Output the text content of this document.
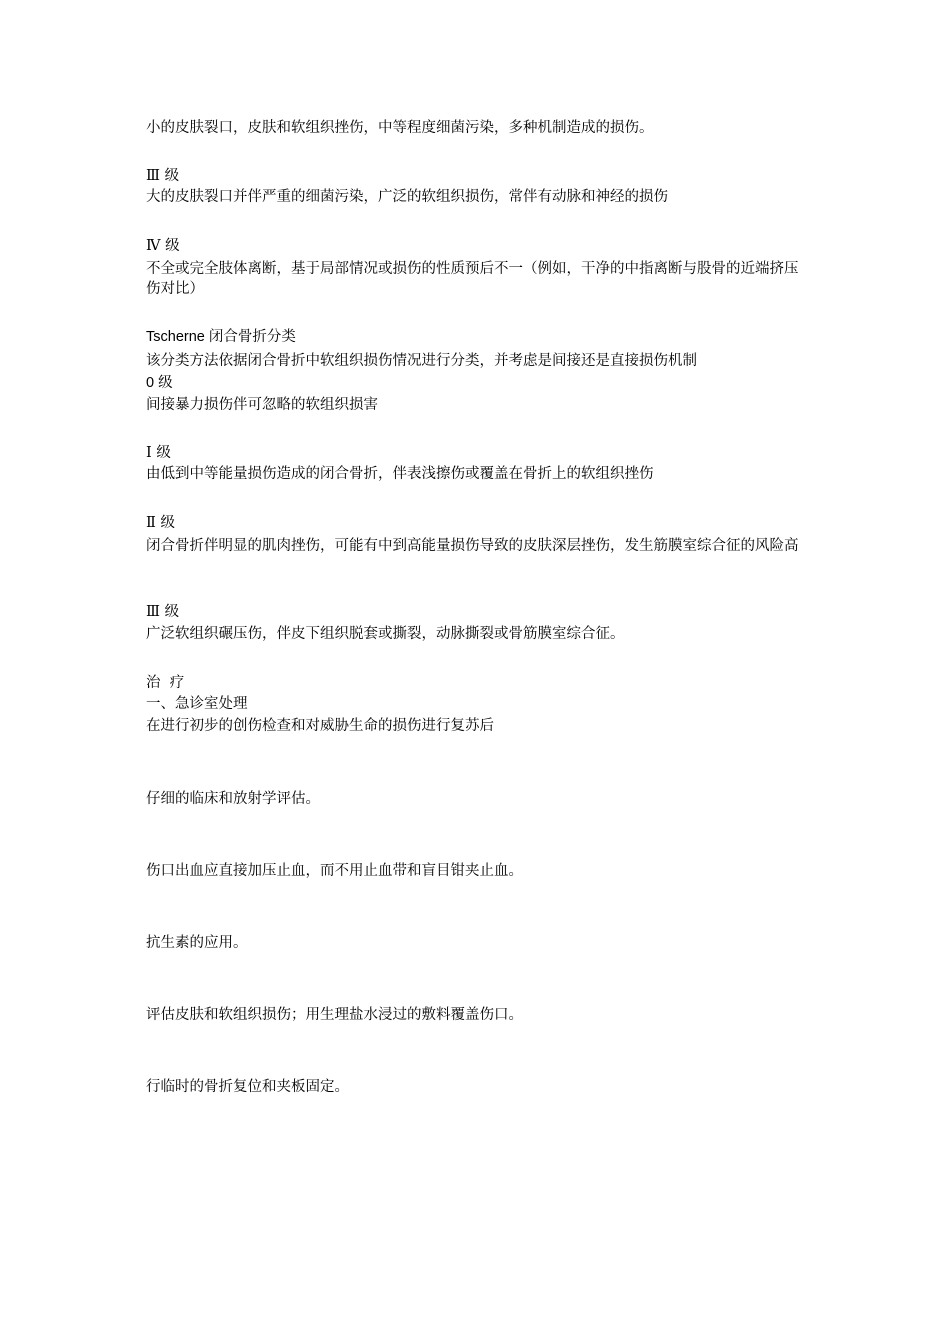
小的皮肤裂口，皮肤和软组织挫伤，中等程度细菌污染，多种机制造成的损伤。
Ⅲ 级
大的皮肤裂口并伴严重的细菌污染，广泛的软组织损伤，常伴有动脉和神经的损伤
Ⅳ 级
不全或完全肢体离断，基于局部情况或损伤的性质预后不一（例如，干净的中指离断与股骨的近端挤压伤对比）
Tscherne 闭合骨折分类
该分类方法依据闭合骨折中软组织损伤情况进行分类，并考虑是间接还是直接损伤机制
0 级
间接暴力损伤伴可忽略的软组织损害
Ⅰ 级
由低到中等能量损伤造成的闭合骨折，伴表浅擦伤或覆盖在骨折上的软组织挫伤
Ⅱ 级
闭合骨折伴明显的肌肉挫伤，可能有中到高能量损伤导致的皮肤深层挫伤，发生筋膜室综合征的风险高
Ⅲ 级
广泛软组织碾压伤，伴皮下组织脱套或撕裂，动脉撕裂或骨筋膜室综合征。
治  疗
一、急诊室处理
在进行初步的创伤检查和对威胁生命的损伤进行复苏后
仔细的临床和放射学评估。
伤口出血应直接加压止血，而不用止血带和盲目钳夹止血。
抗生素的应用。
评估皮肤和软组织损伤；用生理盐水浸过的敷料覆盖伤口。
行临时的骨折复位和夹板固定。
